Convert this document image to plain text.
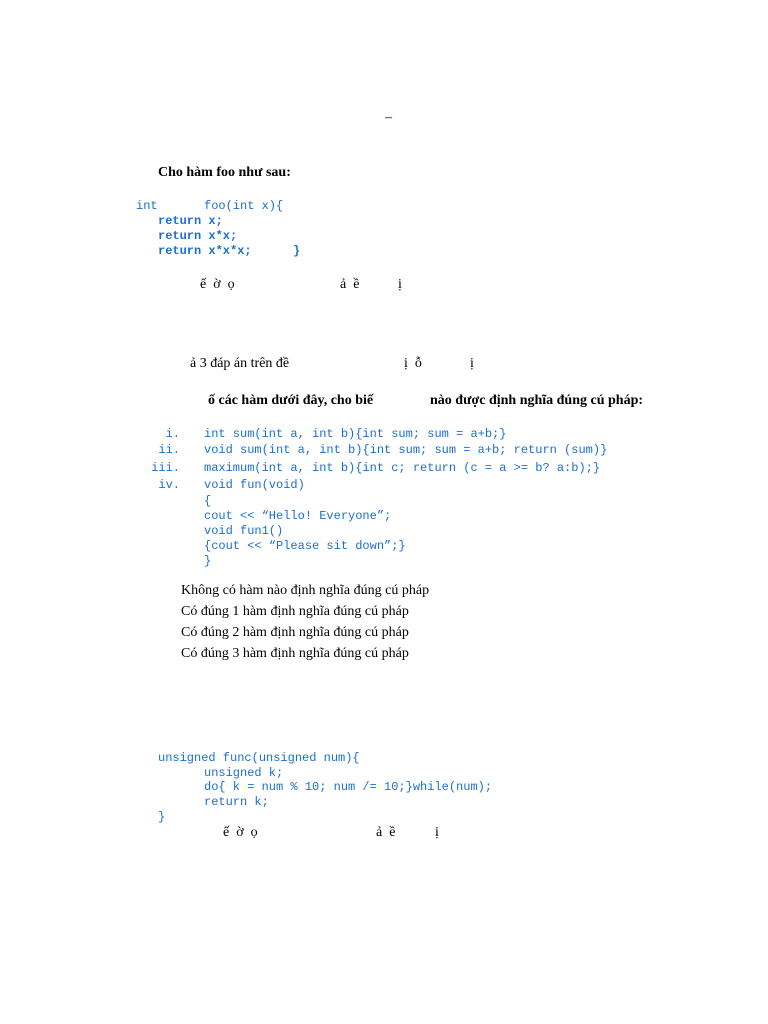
–
Cho hàm foo như sau:
int	foo(int x){
return x;
return x*x;
return x*x*x;	}
ế  ờ  ọ	ả  ề	ị
ả 3 đáp án trên đề	ị  ỗ	ị
ố các hàm dưới đây, cho biế	nào được định nghĩa đúng cú pháp:
i. int sum(int a, int b){int sum; sum = a+b;}
ii. void sum(int a, int b){int sum; sum = a+b; return (sum)}
iii. maximum(int a, int b){int c; return (c = a >= b? a:b);}
iv. void fun(void)
{
cout << “Hello! Everyone”;
void fun1()
{cout << “Please sit down”;}
}
Không có hàm nào định nghĩa đúng cú pháp
Có đúng 1 hàm định nghĩa đúng cú pháp
Có đúng 2 hàm định nghĩa đúng cú pháp
Có đúng 3 hàm định nghĩa đúng cú pháp
unsigned func(unsigned num){
unsigned k;
do{ k = num % 10; num /= 10;}while(num);
return k;
}
ế  ờ  ọ	ả  ề	ị
